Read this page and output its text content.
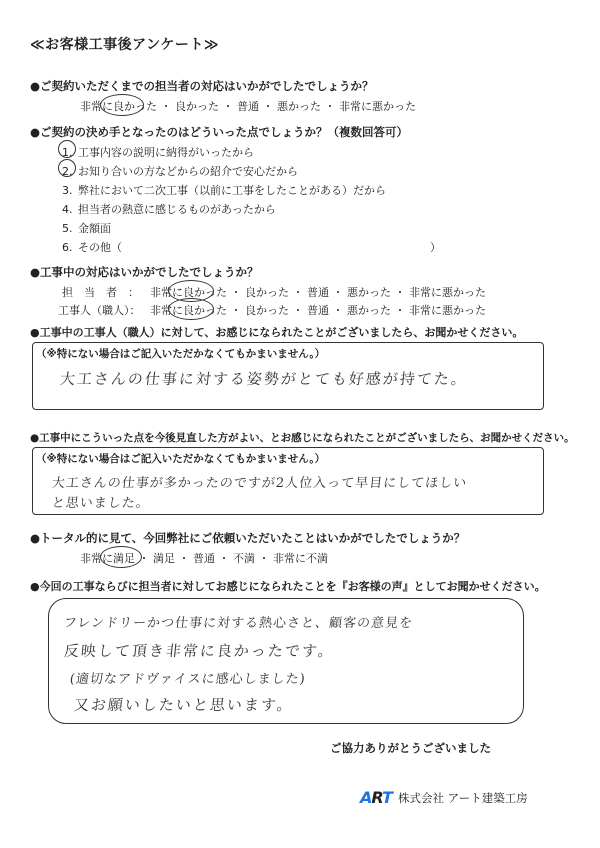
≪お客様工事後アンケート≫
●ご契約いただくまでの担当者の対応はいかがでしたでしょうか？
非常に良かった ・ 良かった ・ 普通 ・ 悪かった ・ 非常に悪かった
●ご契約の決め手となったのはどういった点でしょうか？（複数回答可）
1. 工事内容の説明に納得がいったから
2. お知り合いの方などからの紹介で安心だから
3. 弊社において二次工事（以前に工事をしたことがある）だから
4. 担当者の熱意に感じるものがあったから
5. 金額面
6. その他（	）
●工事中の対応はいかがでしたでしょうか？
担　当　者　： 非常に良かった ・ 良かった ・ 普通 ・ 悪かった ・ 非常に悪かった
工事人（職人）： 非常に良かった ・ 良かった ・ 普通 ・ 悪かった ・ 非常に悪かった
●工事中の工事人（職人）に対して、お感じになられたことがございましたら、お聞かせください。
（※特にない場合はご記入いただかなくてもかまいません。）
大工さんの仕事に対する姿勢がとても好感が持てた。
●工事中にこういった点を今後見直した方がよい、とお感じになられたことがございましたら、お聞かせください。
（※特にない場合はご記入いただかなくてもかまいません。）
大工さんの仕事が多かったのですが2人位入って早目にしてほしい
と思いました。
●トータル的に見て、今回弊社にご依頼いただいたことはいかがでしたでしょうか？
非常に満足 ・ 満足 ・ 普通 ・ 不満 ・ 非常に不満
●今回の工事ならびに担当者に対してお感じになられたことを『お客様の声』としてお聞かせください。
フレンドリーかつ仕事に対する熱心さと、顧客の意見を
反映して頂き非常に良かったです。
(適切なアドヴァイスに感心しました)
又お願いしたいと思います。
ご協力ありがとうございました
ART 株式会社 アート建築工房
